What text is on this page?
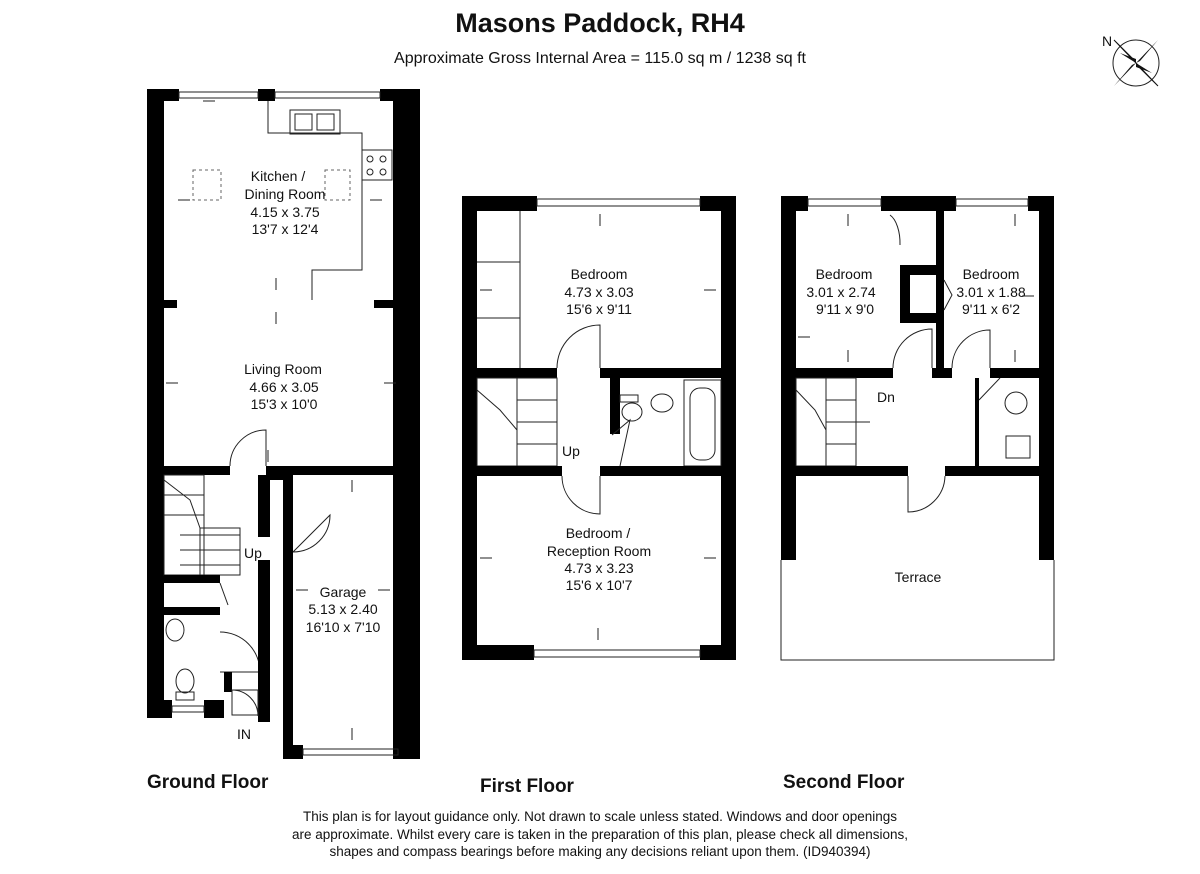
Masons Paddock, RH4
Approximate Gross Internal Area = 115.0 sq m / 1238 sq ft
N
Kitchen /
Dining Room
4.15 x 3.75
13'7 x 12'4
Living Room
4.66 x 3.05
15'3 x 10'0
Garage
5.13 x 2.40
16'10 x 7'10
Up
IN
Bedroom
4.73 x 3.03
15'6 x 9'11
Bedroom /
Reception Room
4.73 x 3.23
15'6 x 10'7
Up
Bedroom
3.01 x 2.74
9'11 x 9'0
Bedroom
3.01 x 1.88
9'11 x 6'2
Dn
Terrace
Ground Floor	First Floor	Second Floor
This plan is for layout guidance only. Not drawn to scale unless stated. Windows and door openings
are approximate. Whilst every care is taken in the preparation of this plan, please check all dimensions,
shapes and compass bearings before making any decisions reliant upon them. (ID940394)
